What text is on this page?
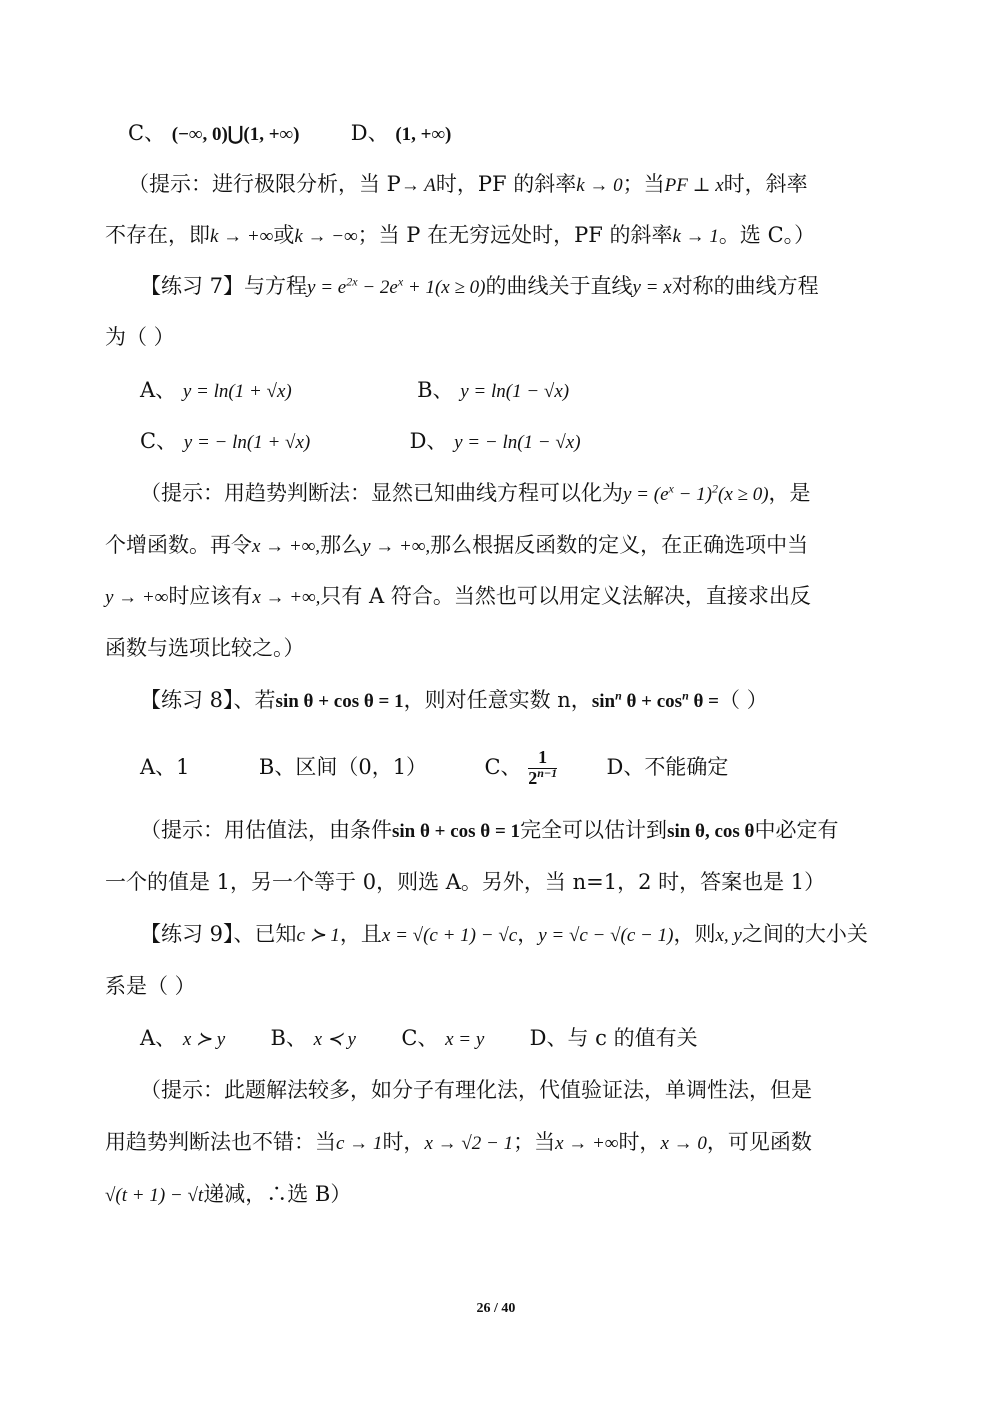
C、 (−∞, 0)⋃(1, +∞) D、 (1, +∞)
（提示：进行极限分析，当 P→ A时，PF 的斜率k → 0；当PF ⊥ x时，斜率
不存在，即k → +∞或k → −∞；当 P 在无穷远处时，PF 的斜率k → 1。选 C。）
【练习 7】与方程$y = e^{2x} - 2e^x + 1(x \ge 0)$的曲线关于直线y = x对称的曲线方程
为（ ）
A、 y = ln(1 + √x)	B、 y = ln(1 − √x)
C、 y = − ln(1 + √x)	D、 y = − ln(1 − √x)
（提示：用趋势判断法：显然已知曲线方程可以化为$y = (e^x - 1)^2(x \ge 0)$，是
个增函数。再令x → +∞,那么y → +∞,那么根据反函数的定义，在正确选项中当
y → +∞时应该有x → +∞,只有 A 符合。当然也可以用定义法解决，直接求出反
函数与选项比较之。）
【练习 8】、若sin θ + cos θ = 1，则对任意实数 n，$\sin^n \theta + \cos^n \theta$ =（ ）
A、1	B、区间（0，1）	C、 $\frac{1}{2^{n-1}}$ D、不能确定
（提示：用估值法，由条件sin θ + cos θ = 1完全可以估计到sin θ, cos θ中必定有
一个的值是 1，另一个等于 0，则选 A。另外，当 n=1，2 时，答案也是 1）
【练习 9】、已知c ≻ 1，且x = √(c + 1) − √c，y = √c − √(c − 1)，则x, y之间的大小关
系是（ ）
A、 x ≻ y B、 x ≺ y C、 x = y D、与 c 的值有关
（提示：此题解法较多，如分子有理化法，代值验证法，单调性法，但是
用趋势判断法也不错：当c → 1时，x → √2 − 1；当x → +∞时，x → 0，可见函数
√(t + 1) − √t递减，∴选 B）
26 / 40
